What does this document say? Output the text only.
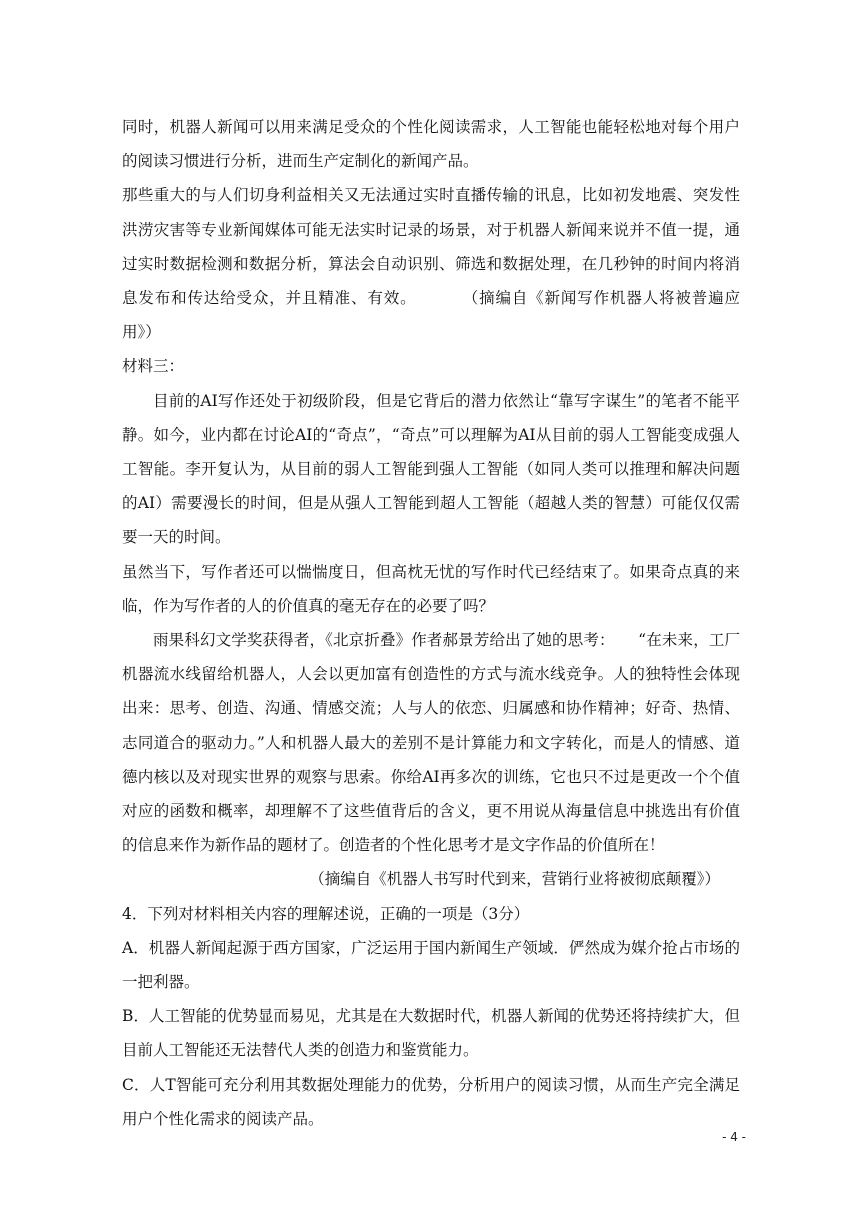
同时，机器人新闻可以用来满足受众的个性化阅读需求，人工智能也能轻松地对每个用户的阅读习惯进行分析，进而生产定制化的新闻产品。

那些重大的与人们切身利益相关又无法通过实时直播传输的讯息，比如初发地震、突发性洪涝灾害等专业新闻媒体可能无法实时记录的场景，对于机器人新闻来说并不值一提，通过实时数据检测和数据分析，算法会自动识别、筛选和数据处理，在几秒钟的时间内将消息发布和传达给受众，并且精准、有效。	（摘编自《新闻写作机器人将被普遍应用》）

材料三：

目前的AI写作还处于初级阶段，但是它背后的潜力依然让“靠写字谋生”的笔者不能平静。如今，业内都在讨论AI的“奇点”，“奇点”可以理解为AI从目前的弱人工智能变成强人工智能。李开复认为，从目前的弱人工智能到强人工智能（如同人类可以推理和解决问题的AI）需要漫长的时间，但是从强人工智能到超人工智能（超越人类的智慧）可能仅仅需要一天的时间。

虽然当下，写作者还可以惴惴度日，但高枕无忧的写作时代已经结束了。如果奇点真的来临，作为写作者的人的价值真的毫无存在的必要了吗？

雨果科幻文学奖获得者，《北京折叠》作者郝景芳给出了她的思考：　　“在未来，工厂机器流水线留给机器人，人会以更加富有创造性的方式与流水线竞争。人的独特性会体现出来：思考、创造、沟通、情感交流；人与人的依恋、归属感和协作精神；好奇、热情、志同道合的驱动力。”人和机器人最大的差别不是计算能力和文字转化，而是人的情感、道德内核以及对现实世界的观察与思索。你给AI再多次的训练，它也只不过是更改一个个值对应的函数和概率，却理解不了这些值背后的含义，更不用说从海量信息中挑选出有价值的信息来作为新作品的题材了。创造者的个性化思考才是文字作品的价值所在！

（摘编自《机器人书写时代到来，营销行业将被彻底颠覆》）

4．下列对材料相关内容的理解述说，正确的一项是（3分）

A．机器人新闻起源于西方国家，广泛运用于国内新闻生产领域．俨然成为媒介抢占市场的一把利器。

B．人工智能的优势显而易见，尤其是在大数据时代，机器人新闻的优势还将持续扩大，但目前人工智能还无法替代人类的创造力和鉴赏能力。

C．人T智能可充分利用其数据处理能力的优势，分析用户的阅读习惯，从而生产完全满足用户个性化需求的阅读产品。

- 4 -
